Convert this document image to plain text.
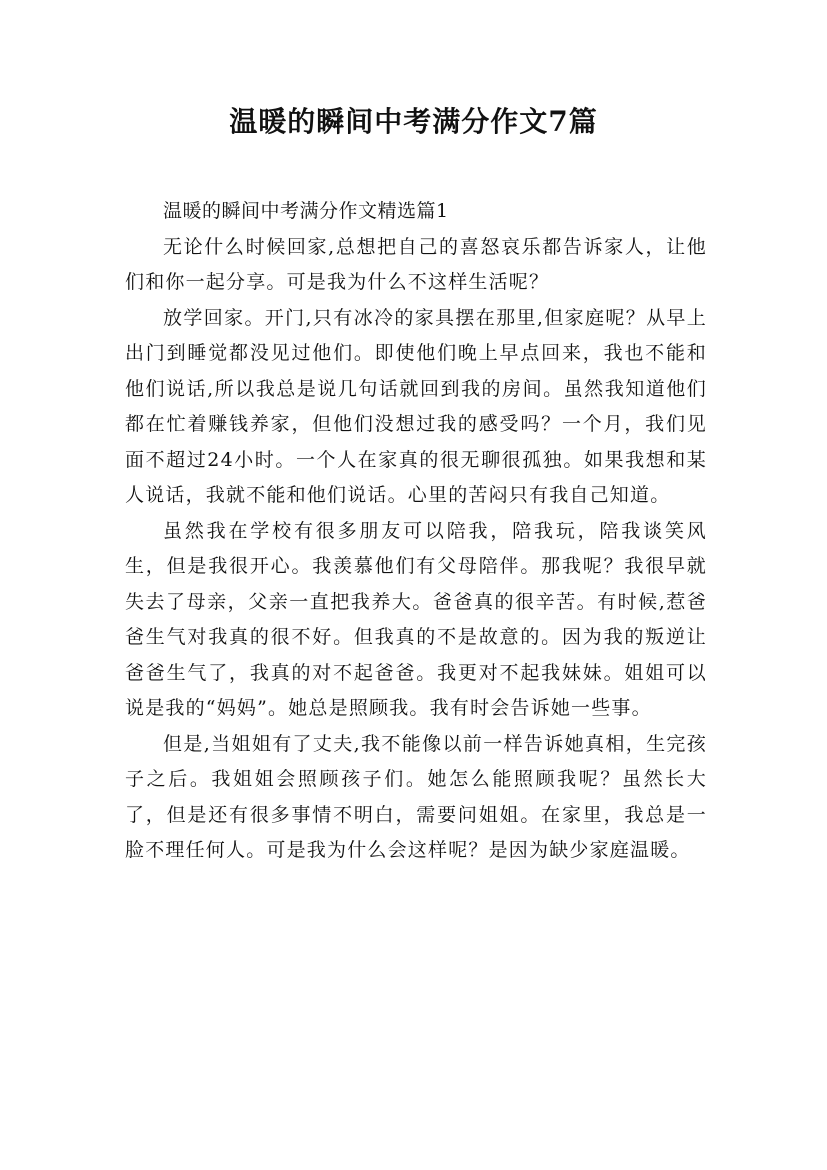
温暖的瞬间中考满分作文7篇

温暖的瞬间中考满分作文精选篇1

无论什么时候回家,总想把自己的喜怒哀乐都告诉家人，让他们和你一起分享。可是我为什么不这样生活呢？

放学回家。开门,只有冰冷的家具摆在那里,但家庭呢？从早上出门到睡觉都没见过他们。即使他们晚上早点回来，我也不能和他们说话,所以我总是说几句话就回到我的房间。虽然我知道他们都在忙着赚钱养家，但他们没想过我的感受吗？一个月，我们见面不超过24小时。一个人在家真的很无聊很孤独。如果我想和某人说话，我就不能和他们说话。心里的苦闷只有我自己知道。

虽然我在学校有很多朋友可以陪我，陪我玩，陪我谈笑风生，但是我很开心。我羡慕他们有父母陪伴。那我呢？我很早就失去了母亲，父亲一直把我养大。爸爸真的很辛苦。有时候,惹爸爸生气对我真的很不好。但我真的不是故意的。因为我的叛逆让爸爸生气了，我真的对不起爸爸。我更对不起我妹妹。姐姐可以说是我的“妈妈”。她总是照顾我。我有时会告诉她一些事。

但是,当姐姐有了丈夫,我不能像以前一样告诉她真相，生完孩子之后。我姐姐会照顾孩子们。她怎么能照顾我呢？虽然长大了，但是还有很多事情不明白，需要问姐姐。在家里，我总是一脸不理任何人。可是我为什么会这样呢？是因为缺少家庭温暖。
